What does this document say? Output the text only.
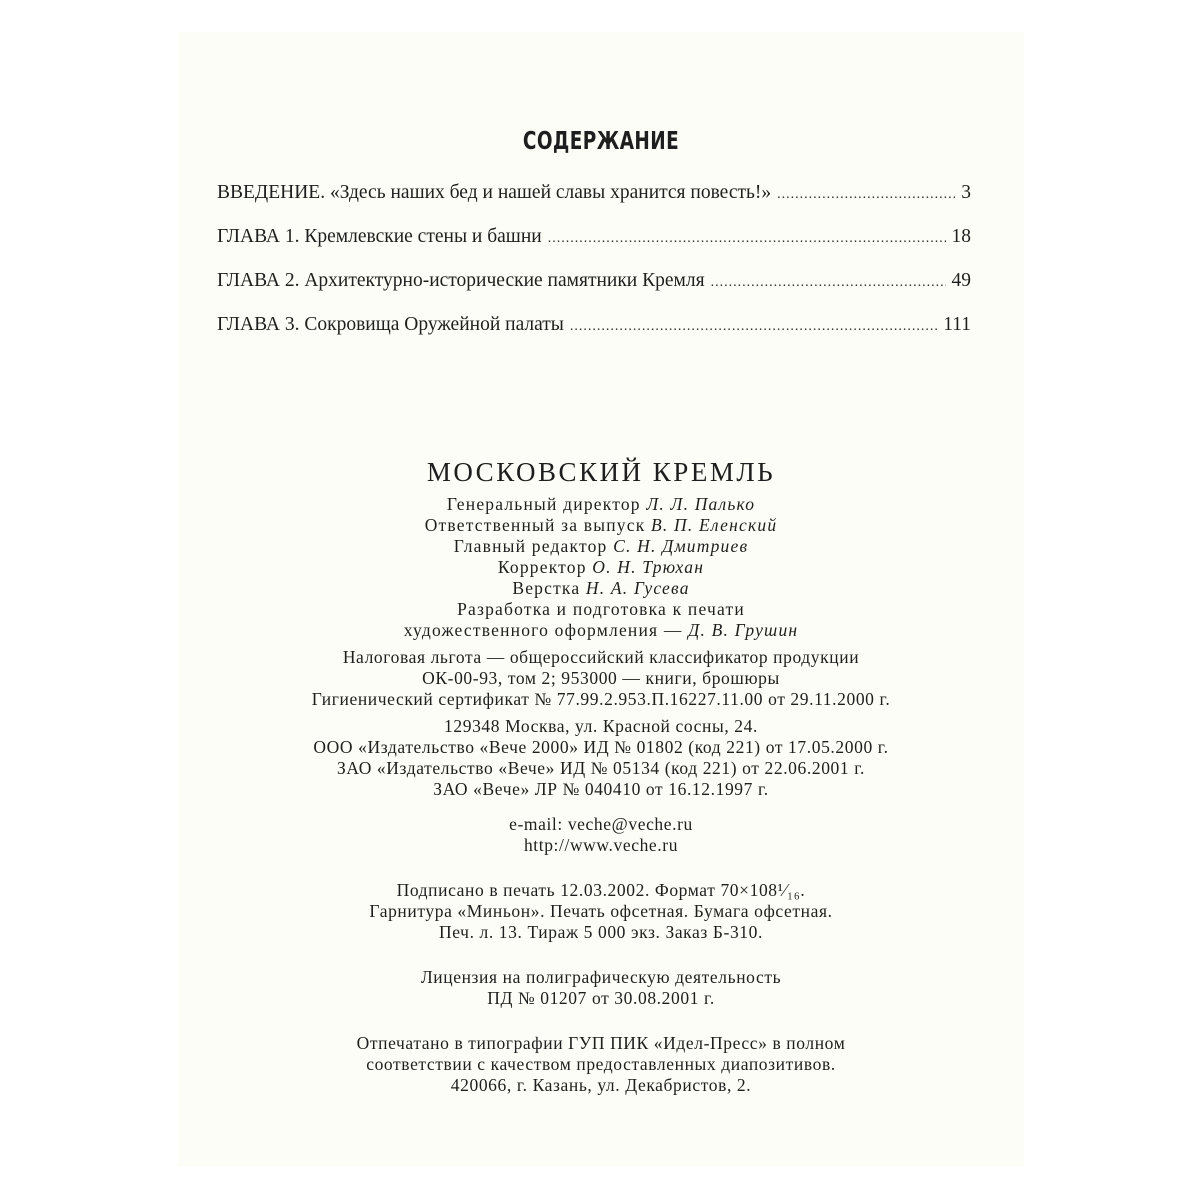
СОДЕРЖАНИЕ
ВВЕДЕНИЕ. «Здесь наших бед и нашей славы хранится повесть!» .....	3
ГЛАВА 1. Кремлевские стены и башни .....	18
ГЛАВА 2. Архитектурно-исторические памятники Кремля .....	49
ГЛАВА 3. Сокровища Оружейной палаты .....	111
МОСКОВСКИЙ КРЕМЛЬ
Генеральный директор Л. Л. Палько
Ответственный за выпуск В. П. Еленский
Главный редактор С. Н. Дмитриев
Корректор О. Н. Трюхан
Верстка Н. А. Гусева
Разработка и подготовка к печати
художественного оформления — Д. В. Грушин
Налоговая льгота — общероссийский классификатор продукции
ОК-00-93, том 2; 953000 — книги, брошюры
Гигиенический сертификат № 77.99.2.953.П.16227.11.00 от 29.11.2000 г.
129348 Москва, ул. Красной сосны, 24.
ООО «Издательство «Вече 2000» ИД № 01802 (код 221) от 17.05.2000 г.
ЗАО «Издательство «Вече» ИД № 05134 (код 221) от 22.06.2001 г.
ЗАО «Вече» ЛР № 040410 от 16.12.1997 г.
e-mail: veche@veche.ru
http://www.veche.ru
Подписано в печать 12.03.2002. Формат 70×108¹⁄₁₆.
Гарнитура «Миньон». Печать офсетная. Бумага офсетная.
Печ. л. 13. Тираж 5 000 экз. Заказ Б-310.
Лицензия на полиграфическую деятельность
ПД № 01207 от 30.08.2001 г.
Отпечатано в типографии ГУП ПИК «Идел-Пресс» в полном
соответствии с качеством предоставленных диапозитивов.
420066, г. Казань, ул. Декабристов, 2.
